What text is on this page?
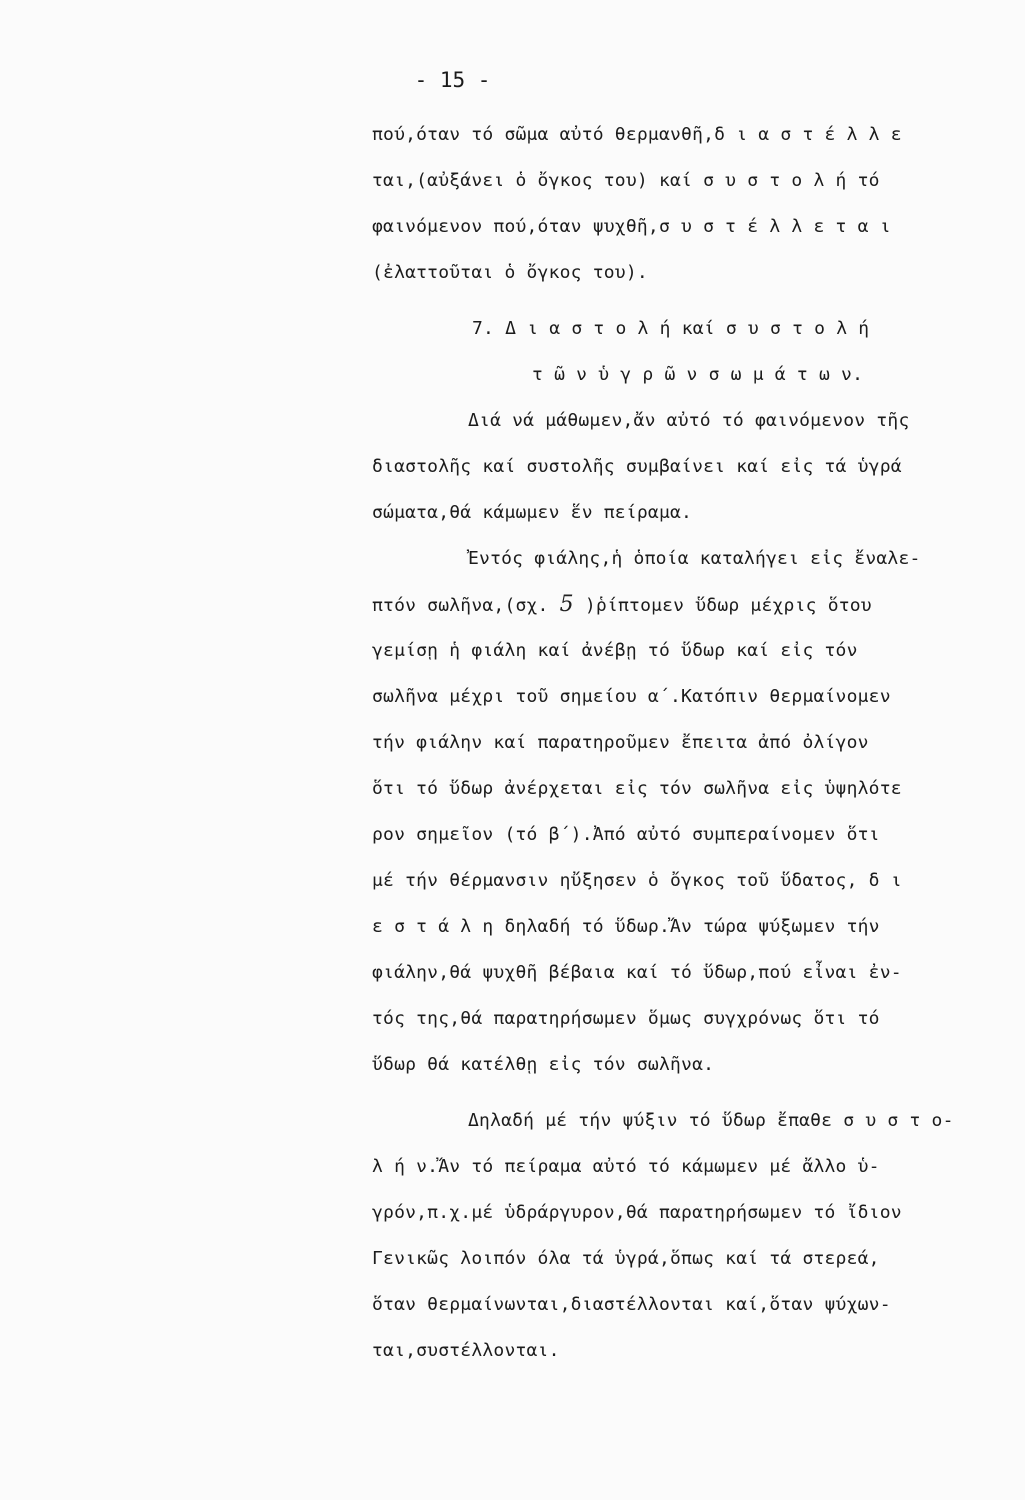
- 15 -
πού,όταν τό σῶμα αὐτό θερμανθῆ,δ ι α σ τ έ λ λ ε
ται,(αὐξάνει ὁ ὄγκος του) καί σ υ σ τ ο λ ή τό
φαινόμενον πού,όταν ψυχθῆ,σ υ σ τ έ λ λ ε τ α ι
(ἐλαττοῦται ὁ ὄγκος του).
7. Δ ι α σ τ ο λ ή καί σ υ σ τ ο λ ή
τ ῶ ν ὑ γ ρ ῶ ν σ ω μ ά τ ω ν.
Διά νά μάθωμεν,ἄν αὐτό τό φαινόμενον τῆς
διαστολῆς καί συστολῆς συμβαίνει καί εἰς τά ὑγρά
σώματα,θά κάμωμεν ἕν πείραμα.
Ἐντός φιάλης,ἡ ὁποία καταλήγει εἰς ἔναλε-
πτόν σωλῆνα,(σχ. 5 )ῥίπτομεν ὕδωρ μέχρις ὅτου
γεμίσῃ ἡ φιάλη καί ἀνέβῃ τό ὕδωρ καί εἰς τόν
σωλῆνα μέχρι τοῦ σημείου α΄.Κατόπιν θερμαίνομεν
τήν φιάλην καί παρατηροῦμεν ἔπειτα ἀπό ὀλίγον
ὅτι τό ὕδωρ ἀνέρχεται εἰς τόν σωλῆνα εἰς ὑψηλότε
ρον σημεῖον (τό β΄).Ἀπό αὐτό συμπεραίνομεν ὅτι
μέ τήν θέρμανσιν ηὔξησεν ὁ ὄγκος τοῦ ὕδατος, δ ι
ε σ τ ά λ η δηλαδή τό ὕδωρ.Ἄν τώρα ψύξωμεν τήν
φιάλην,θά ψυχθῆ βέβαια καί τό ὕδωρ,πού εἶναι ἐν-
τός της,θά παρατηρήσωμεν ὅμως συγχρόνως ὅτι τό
ὕδωρ θά κατέλθῃ εἰς τόν σωλῆνα.
Δηλαδή μέ τήν ψύξιν τό ὕδωρ ἔπαθε σ υ σ τ ο-
λ ή ν.Ἄν τό πείραμα αὐτό τό κάμωμεν μέ ἄλλο ὑ-
γρόν,π.χ.μέ ὑδράργυρον,θά παρατηρήσωμεν τό ἴδιον
Γενικῶς λοιπόν όλα τά ὑγρά,ὅπως καί τά στερεά,
ὅταν θερμαίνωνται,διαστέλλονται καί,ὅταν ψύχων-
ται,συστέλλονται.
